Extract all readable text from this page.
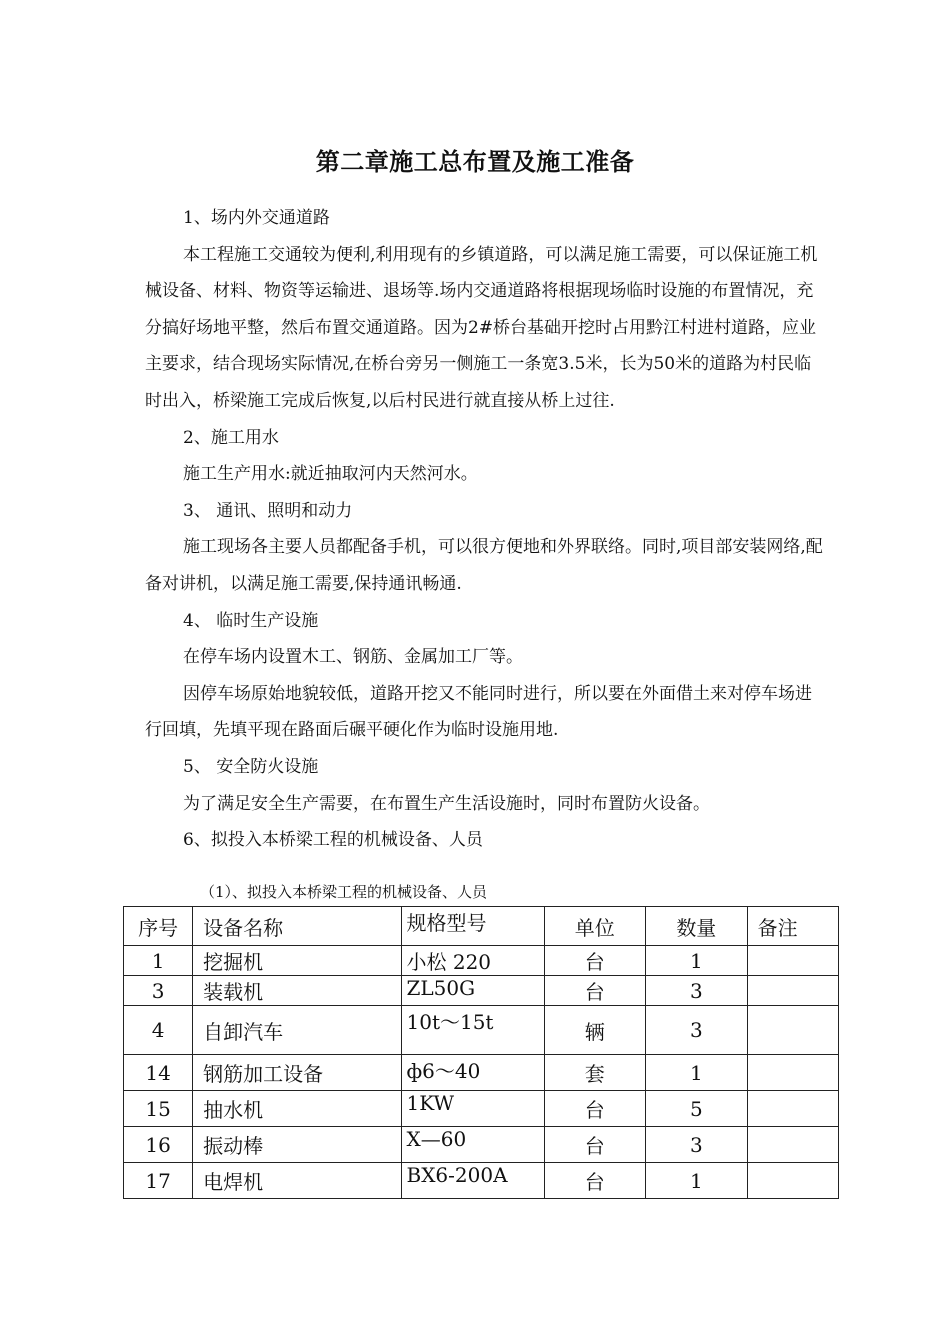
第二章施工总布置及施工准备

1、场内外交通道路

本工程施工交通较为便利,利用现有的乡镇道路，可以满足施工需要，可以保证施工机械设备、材料、物资等运输进、退场等.场内交通道路将根据现场临时设施的布置情况，充分搞好场地平整，然后布置交通道路。因为2#桥台基础开挖时占用黔江村进村道路，应业主要求，结合现场实际情况,在桥台旁另一侧施工一条宽3.5米，长为50米的道路为村民临时出入，桥梁施工完成后恢复,以后村民进行就直接从桥上过往.

2、施工用水

施工生产用水:就近抽取河内天然河水。

3、 通讯、照明和动力

施工现场各主要人员都配备手机，可以很方便地和外界联络。同时,项目部安装网络,配备对讲机，以满足施工需要,保持通讯畅通.

4、 临时生产设施

在停车场内设置木工、钢筋、金属加工厂等。

因停车场原始地貌较低，道路开挖又不能同时进行，所以要在外面借土来对停车场进行回填，先填平现在路面后碾平硬化作为临时设施用地.

5、 安全防火设施

为了满足安全生产需要，在布置生产生活设施时，同时布置防火设备。

6、拟投入本桥梁工程的机械设备、人员

（1）、拟投入本桥梁工程的机械设备、人员
序号	设备名称	规格型号	单位	数量	备注
1	挖掘机	小松 220	台	1	
3	装载机	ZL50G	台	3	
4	自卸汽车	10t～15t	辆	3	
14	钢筋加工设备	ф6～40	套	1	
15	抽水机	1KW	台	5	
16	振动棒	X—60	台	3	
17	电焊机	BX6-200A	台	1	
